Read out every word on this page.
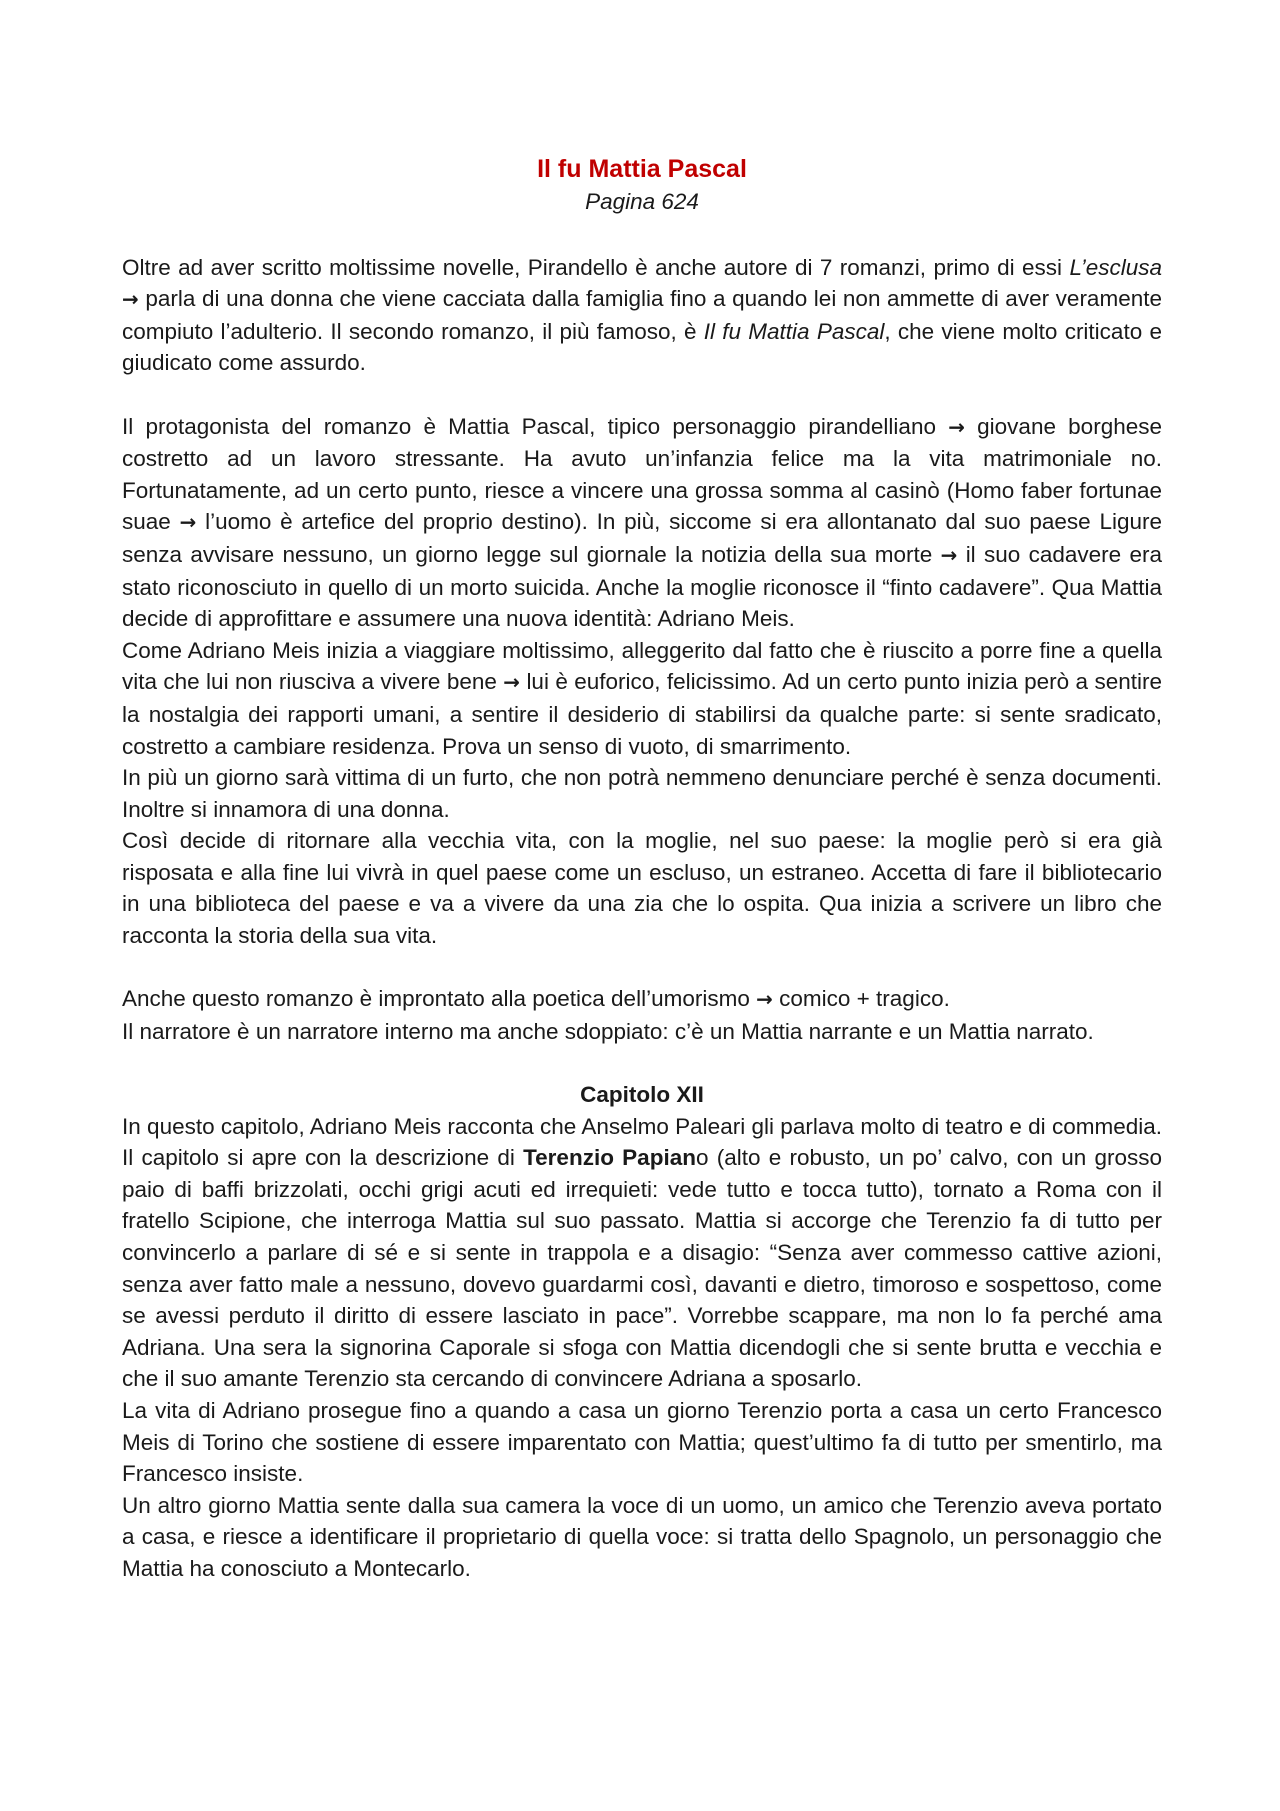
Il fu Mattia Pascal

Pagina 624

Oltre ad aver scritto moltissime novelle, Pirandello è anche autore di 7 romanzi, primo di essi L’esclusa → parla di una donna che viene cacciata dalla famiglia fino a quando lei non ammette di aver veramente compiuto l’adulterio. Il secondo romanzo, il più famoso, è Il fu Mattia Pascal, che viene molto criticato e giudicato come assurdo.

Il protagonista del romanzo è Mattia Pascal, tipico personaggio pirandelliano → giovane borghese costretto ad un lavoro stressante. Ha avuto un’infanzia felice ma la vita matrimoniale no. Fortunatamente, ad un certo punto, riesce a vincere una grossa somma al casinò (Homo faber fortunae suae → l’uomo è artefice del proprio destino). In più, siccome si era allontanato dal suo paese Ligure senza avvisare nessuno, un giorno legge sul giornale la notizia della sua morte → il suo cadavere era stato riconosciuto in quello di un morto suicida. Anche la moglie riconosce il “finto cadavere”. Qua Mattia decide di approfittare e assumere una nuova identità: Adriano Meis.

Come Adriano Meis inizia a viaggiare moltissimo, alleggerito dal fatto che è riuscito a porre fine a quella vita che lui non riusciva a vivere bene → lui è euforico, felicissimo. Ad un certo punto inizia però a sentire la nostalgia dei rapporti umani, a sentire il desiderio di stabilirsi da qualche parte: si sente sradicato, costretto a cambiare residenza. Prova un senso di vuoto, di smarrimento.

In più un giorno sarà vittima di un furto, che non potrà nemmeno denunciare perché è senza documenti. Inoltre si innamora di una donna.

Così decide di ritornare alla vecchia vita, con la moglie, nel suo paese: la moglie però si era già risposata e alla fine lui vivrà in quel paese come un escluso, un estraneo. Accetta di fare il bibliotecario in una biblioteca del paese e va a vivere da una zia che lo ospita. Qua inizia a scrivere un libro che racconta la storia della sua vita.

Anche questo romanzo è improntato alla poetica dell’umorismo → comico + tragico.

Il narratore è un narratore interno ma anche sdoppiato: c’è un Mattia narrante e un Mattia narrato.

Capitolo XII

In questo capitolo, Adriano Meis racconta che Anselmo Paleari gli parlava molto di teatro e di commedia. Il capitolo si apre con la descrizione di Terenzio Papiano (alto e robusto, un po’ calvo, con un grosso paio di baffi brizzolati, occhi grigi acuti ed irrequieti: vede tutto e tocca tutto), tornato a Roma con il fratello Scipione, che interroga Mattia sul suo passato. Mattia si accorge che Terenzio fa di tutto per convincerlo a parlare di sé e si sente in trappola e a disagio: “Senza aver commesso cattive azioni, senza aver fatto male a nessuno, dovevo guardarmi così, davanti e dietro, timoroso e sospettoso, come se avessi perduto il diritto di essere lasciato in pace”. Vorrebbe scappare, ma non lo fa perché ama Adriana. Una sera la signorina Caporale si sfoga con Mattia dicendogli che si sente brutta e vecchia e che il suo amante Terenzio sta cercando di convincere Adriana a sposarlo.

La vita di Adriano prosegue fino a quando a casa un giorno Terenzio porta a casa un certo Francesco Meis di Torino che sostiene di essere imparentato con Mattia; quest’ultimo fa di tutto per smentirlo, ma Francesco insiste.

Un altro giorno Mattia sente dalla sua camera la voce di un uomo, un amico che Terenzio aveva portato a casa, e riesce a identificare il proprietario di quella voce: si tratta dello Spagnolo, un personaggio che Mattia ha conosciuto a Montecarlo.
